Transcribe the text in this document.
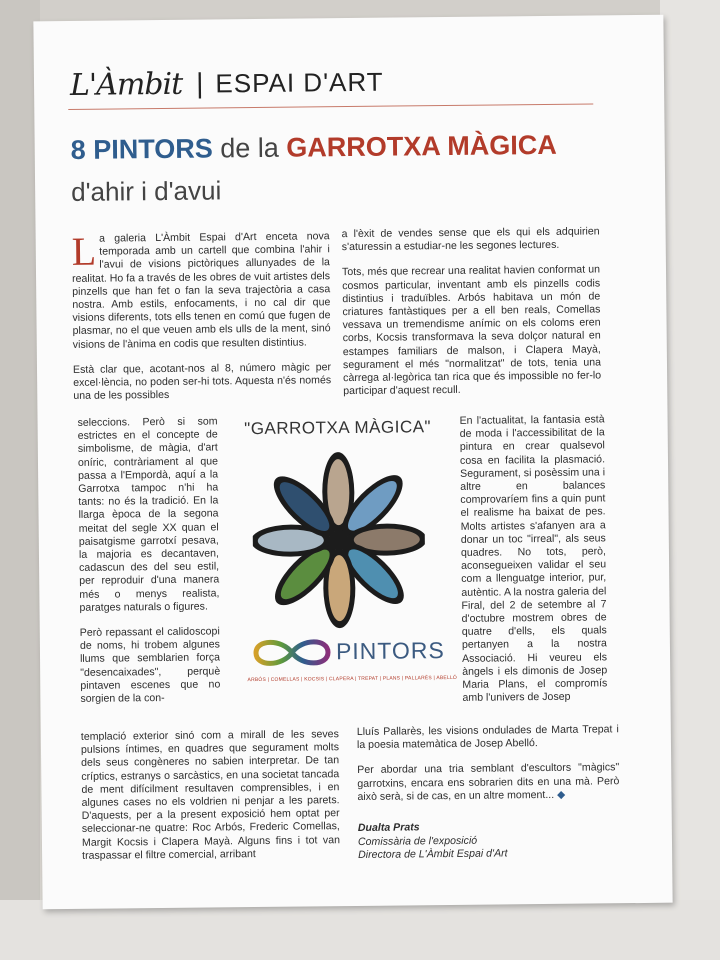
L'Àmbit | ESPAI D'ART
8 PINTORS de la GARROTXA MÀGICA
d'ahir i d'avui

L a galeria L'Àmbit Espai d'Art enceta nova temporada amb un cartell que combina l'ahir i l'avui de visions pictòriques allunyades de la realitat. Ho fa a través de les obres de vuit artistes dels pinzells que han fet o fan la seva trajectòria a casa nostra. Amb estils, enfocaments, i no cal dir que visions diferents, tots ells tenen en comú que fugen de plasmar, no el que veuen amb els ulls de la ment, sinó visions de l'ànima en codis que resulten distintius.

Està clar que, acotant-nos al 8, número màgic per excel·lència, no poden ser-hi tots. Aquesta n'és només una de les possibles

seleccions. Però si som estrictes en el concepte de simbolisme, de màgia, d'art oníric, contràriament al que passa a l'Empordà, aquí a la Garrotxa tampoc n'hi ha tants: no és la tradició. En la llarga època de la segona meitat del segle XX quan el paisatgisme garrotxí pesava, la majoria es decantaven, cadascun des del seu estil, per reproduir d'una manera més o menys realista, paratges naturals o figures.

Però repassant el calidoscopi de noms, hi trobem algunes llums que semblarien força "desencaixades", perquè pintaven escenes que no sorgien de la con-

templació exterior sinó com a mirall de les seves pulsions íntimes, en quadres que segurament molts dels seus congèneres no sabien interpretar. De tan críptics, estranys o sarcàstics, en una societat tancada de ment difícilment resultaven comprensibles, i en algunes cases no els voldrien ni penjar a les parets. D'aquests, per a la present exposició hem optat per seleccionar-ne quatre: Roc Arbós, Frederic Comellas, Margit Kocsis i Clapera Mayà. Alguns fins i tot van traspassar el filtre comercial, arribant

a l'èxit de vendes sense que els qui els adquirien s'aturessin a estudiar-ne les segones lectures.

Tots, més que recrear una realitat havien conformat un cosmos particular, inventant amb els pinzells codis distintius i traduïbles. Arbós habitava un món de criatures fantàstiques per a ell ben reals, Comellas vessava un tremendisme anímic on els coloms eren corbs, Kocsis transformava la seva dolçor natural en estampes familiars de malson, i Clapera Mayà, segurament el més "normalitzat" de tots, tenia una càrrega al·legòrica tan rica que és impossible no fer-lo participar d'aquest recull.

En l'actualitat, la fantasia està de moda i l'accessibilitat de la pintura en crear qualsevol cosa en facilita la plasmació. Segurament, si posèssim una i altre en balances comprovaríem fins a quin punt el realisme ha baixat de pes. Molts artistes s'afanyen ara a donar un toc "irreal", als seus quadres. No tots, però, aconsegueixen validar el seu com a llenguatge interior, pur, autèntic. A la nostra galeria del Firal, del 2 de setembre al 7 d'octubre mostrem obres de quatre d'ells, els quals pertanyen a la nostra Associació. Hi veureu els àngels i els dimonis de Josep Maria Plans, el compromís amb l'univers de Josep

Lluís Pallarès, les visions ondulades de Marta Trepat i la poesia matemàtica de Josep Abelló.

Per abordar una tria semblant d'escultors "màgics" garrotxins, encara ens sobrarien dits en una mà. Però això serà, si de cas, en un altre moment... ◆

Dualta Prats
Comissària de l'exposició
Directora de L'Àmbit Espai d'Art
"GARROTXA MÀGICA"
PINTORS
ARBÓS | COMELLAS | KOCSIS | CLAPERA | TREPAT | PLANS | PALLARÈS | ABELLÓ
